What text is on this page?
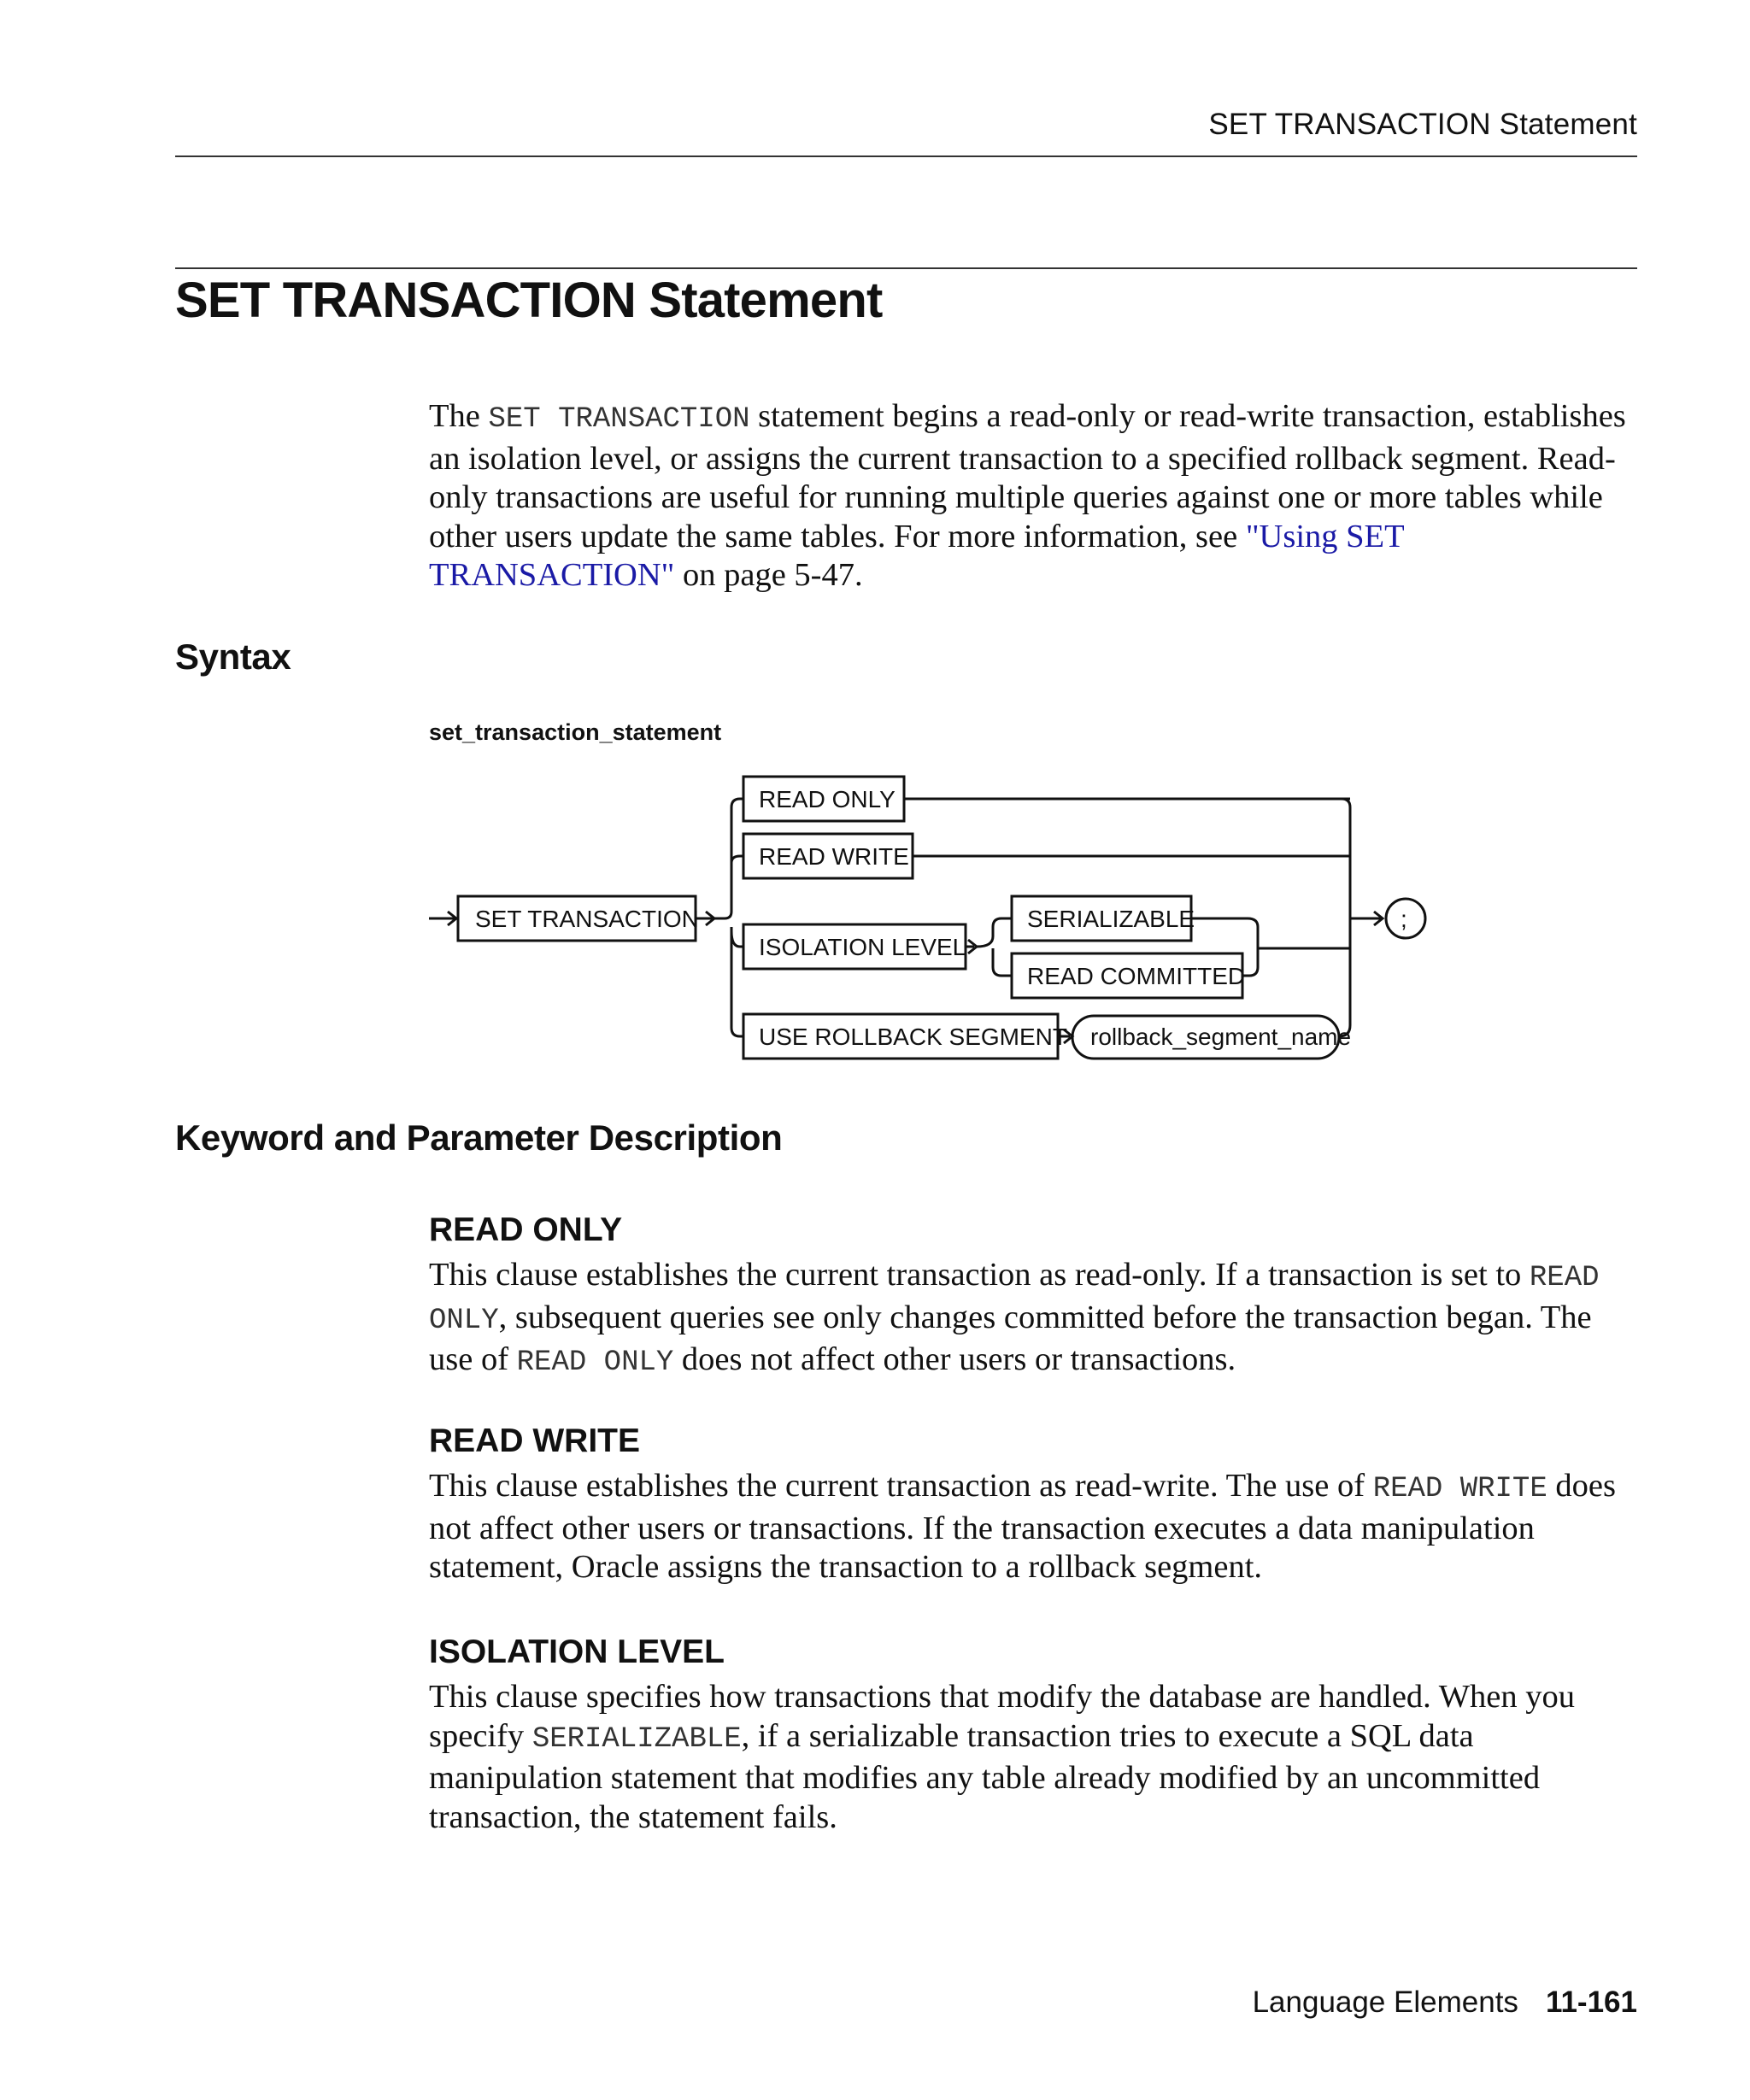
SET TRANSACTION Statement
SET TRANSACTION Statement
The SET TRANSACTION statement begins a read-only or read-write transaction, establishes an isolation level, or assigns the current transaction to a specified rollback segment. Read-only transactions are useful for running multiple queries against one or more tables while other users update the same tables. For more information, see "Using SET TRANSACTION" on page 5-47.
Syntax
set_transaction_statement
SET TRANSACTION
READ ONLY
READ WRITE
ISOLATION LEVEL
SERIALIZABLE
READ COMMITTED
USE ROLLBACK SEGMENT rollback_segment_name
;
Keyword and Parameter Description
READ ONLY
This clause establishes the current transaction as read-only. If a transaction is set to READ ONLY, subsequent queries see only changes committed before the transaction began. The use of READ ONLY does not affect other users or transactions.
READ WRITE
This clause establishes the current transaction as read-write. The use of READ WRITE does not affect other users or transactions. If the transaction executes a data manipulation statement, Oracle assigns the transaction to a rollback segment.
ISOLATION LEVEL
This clause specifies how transactions that modify the database are handled. When you specify SERIALIZABLE, if a serializable transaction tries to execute a SQL data manipulation statement that modifies any table already modified by an uncommitted transaction, the statement fails.
Language Elements 11-161
